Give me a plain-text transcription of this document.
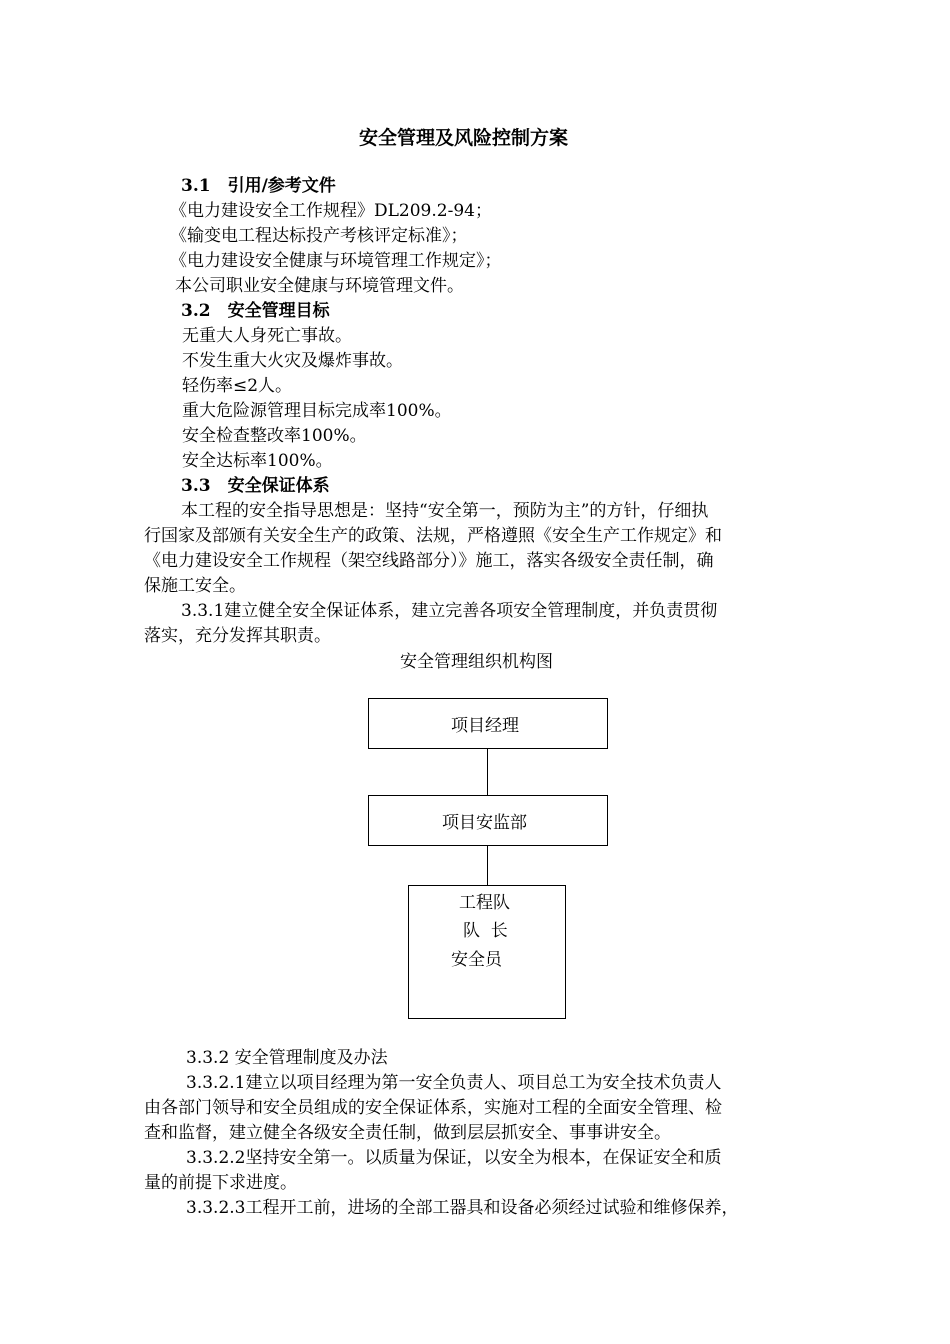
安全管理及风险控制方案
3.1　引用/参考文件
《电力建设安全工作规程》DL209.2-94；
《输变电工程达标投产考核评定标准》；
《电力建设安全健康与环境管理工作规定》；
本公司职业安全健康与环境管理文件。
3.2　安全管理目标
无重大人身死亡事故。
不发生重大火灾及爆炸事故。
轻伤率≤2人。
重大危险源管理目标完成率100%。
安全检查整改率100%。
安全达标率100%。
3.3　安全保证体系
本工程的安全指导思想是：坚持“安全第一，预防为主”的方针，仔细执
行国家及部颁有关安全生产的政策、法规，严格遵照《安全生产工作规定》和
《电力建设安全工作规程（架空线路部分）》施工，落实各级安全责任制，确
保施工安全。
3.3.1建立健全安全保证体系，建立完善各项安全管理制度，并负责贯彻
落实，充分发挥其职责。
安全管理组织机构图
项目经理
项目安监部
工程队
队  长
安全员
3.3.2 安全管理制度及办法
3.3.2.1建立以项目经理为第一安全负责人、项目总工为安全技术负责人
由各部门领导和安全员组成的安全保证体系，实施对工程的全面安全管理、检
查和监督，建立健全各级安全责任制，做到层层抓安全、事事讲安全。
3.3.2.2坚持安全第一。以质量为保证，以安全为根本，在保证安全和质
量的前提下求进度。
3.3.2.3工程开工前，进场的全部工器具和设备必须经过试验和维修保养，
